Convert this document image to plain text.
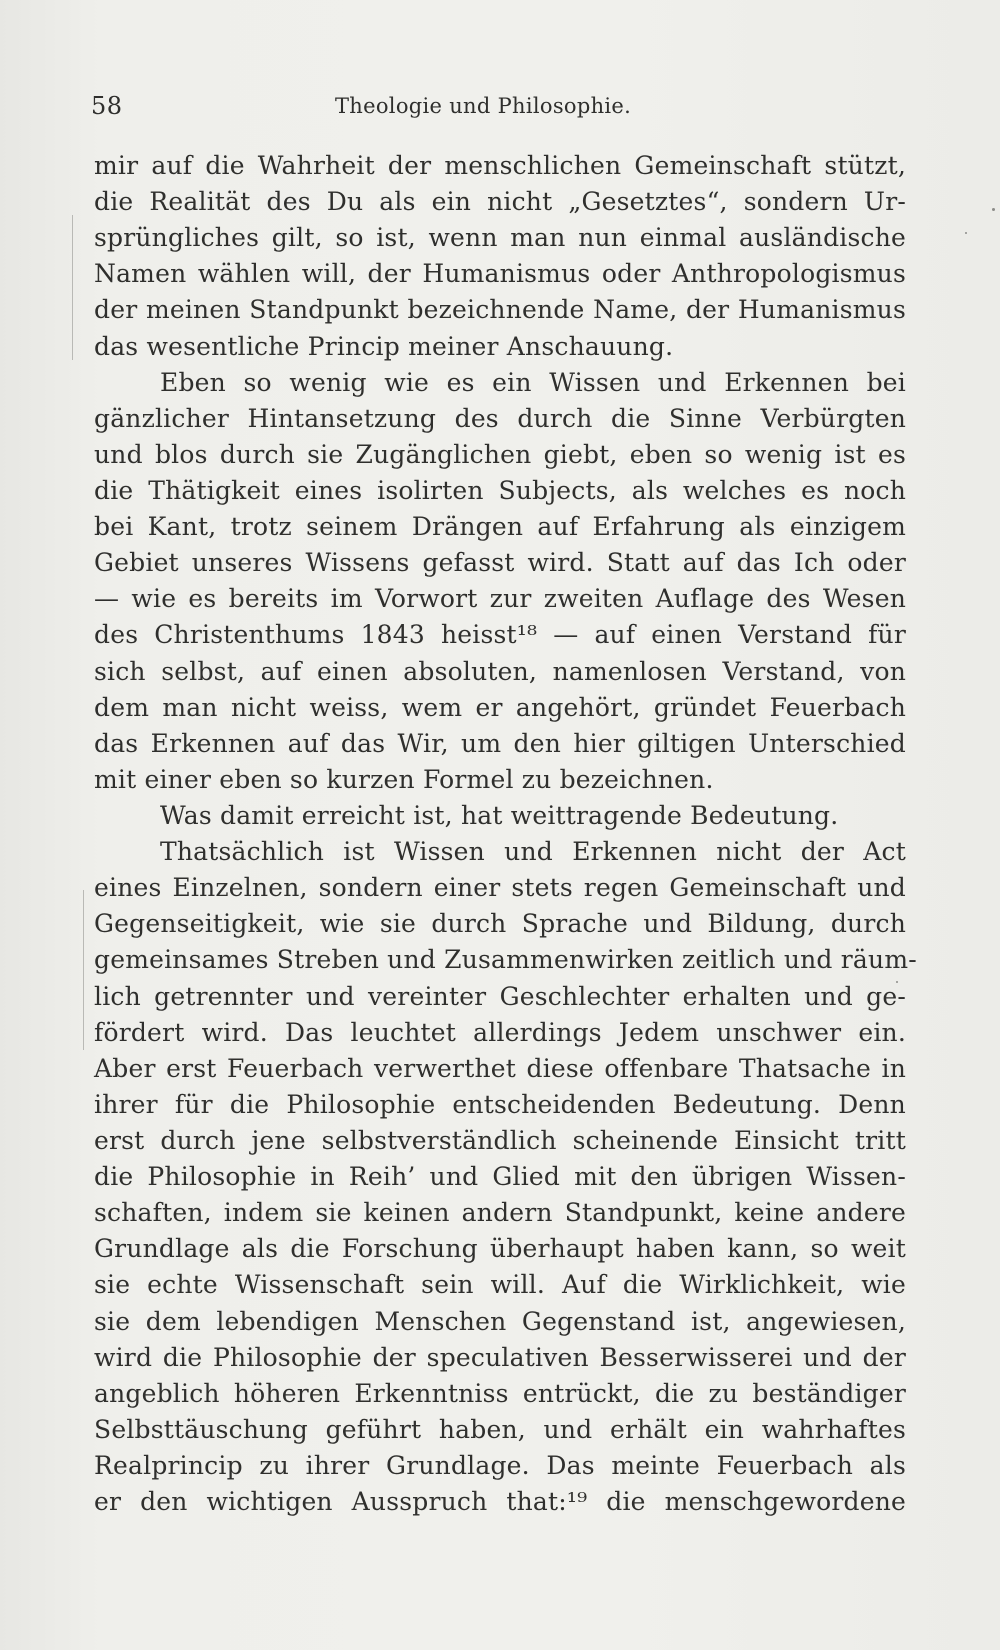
58	Theologie und Philosophie.
mir auf die Wahrheit der menschlichen Gemeinschaft stützt,
die Realität des Du als ein nicht „Gesetztes“, sondern Ur-
sprüngliches gilt, so ist, wenn man nun einmal ausländische
Namen wählen will, der Humanismus oder Anthropologismus
der meinen Standpunkt bezeichnende Name, der Humanismus
das wesentliche Princip meiner Anschauung.
Eben so wenig wie es ein Wissen und Erkennen bei
gänzlicher Hintansetzung des durch die Sinne Verbürgten
und blos durch sie Zugänglichen giebt, eben so wenig ist es
die Thätigkeit eines isolirten Subjects, als welches es noch
bei Kant, trotz seinem Drängen auf Erfahrung als einzigem
Gebiet unseres Wissens gefasst wird. Statt auf das Ich oder
— wie es bereits im Vorwort zur zweiten Auflage des Wesen
des Christenthums 1843 heisst¹⁸ — auf einen Verstand für
sich selbst, auf einen absoluten, namenlosen Verstand, von
dem man nicht weiss, wem er angehört, gründet Feuerbach
das Erkennen auf das Wir, um den hier giltigen Unterschied
mit einer eben so kurzen Formel zu bezeichnen.
Was damit erreicht ist, hat weittragende Bedeutung.
Thatsächlich ist Wissen und Erkennen nicht der Act
eines Einzelnen, sondern einer stets regen Gemeinschaft und
Gegenseitigkeit, wie sie durch Sprache und Bildung, durch
gemeinsames Streben und Zusammenwirken zeitlich und räum-
lich getrennter und vereinter Geschlechter erhalten und ge-
fördert wird. Das leuchtet allerdings Jedem unschwer ein.
Aber erst Feuerbach verwerthet diese offenbare Thatsache in
ihrer für die Philosophie entscheidenden Bedeutung. Denn
erst durch jene selbstverständlich scheinende Einsicht tritt
die Philosophie in Reih’ und Glied mit den übrigen Wissen-
schaften, indem sie keinen andern Standpunkt, keine andere
Grundlage als die Forschung überhaupt haben kann, so weit
sie echte Wissenschaft sein will. Auf die Wirklichkeit, wie
sie dem lebendigen Menschen Gegenstand ist, angewiesen,
wird die Philosophie der speculativen Besserwisserei und der
angeblich höheren Erkenntniss entrückt, die zu beständiger
Selbsttäuschung geführt haben, und erhält ein wahrhaftes
Realprincip zu ihrer Grundlage. Das meinte Feuerbach als
er den wichtigen Ausspruch that:¹⁹ die menschgewordene
